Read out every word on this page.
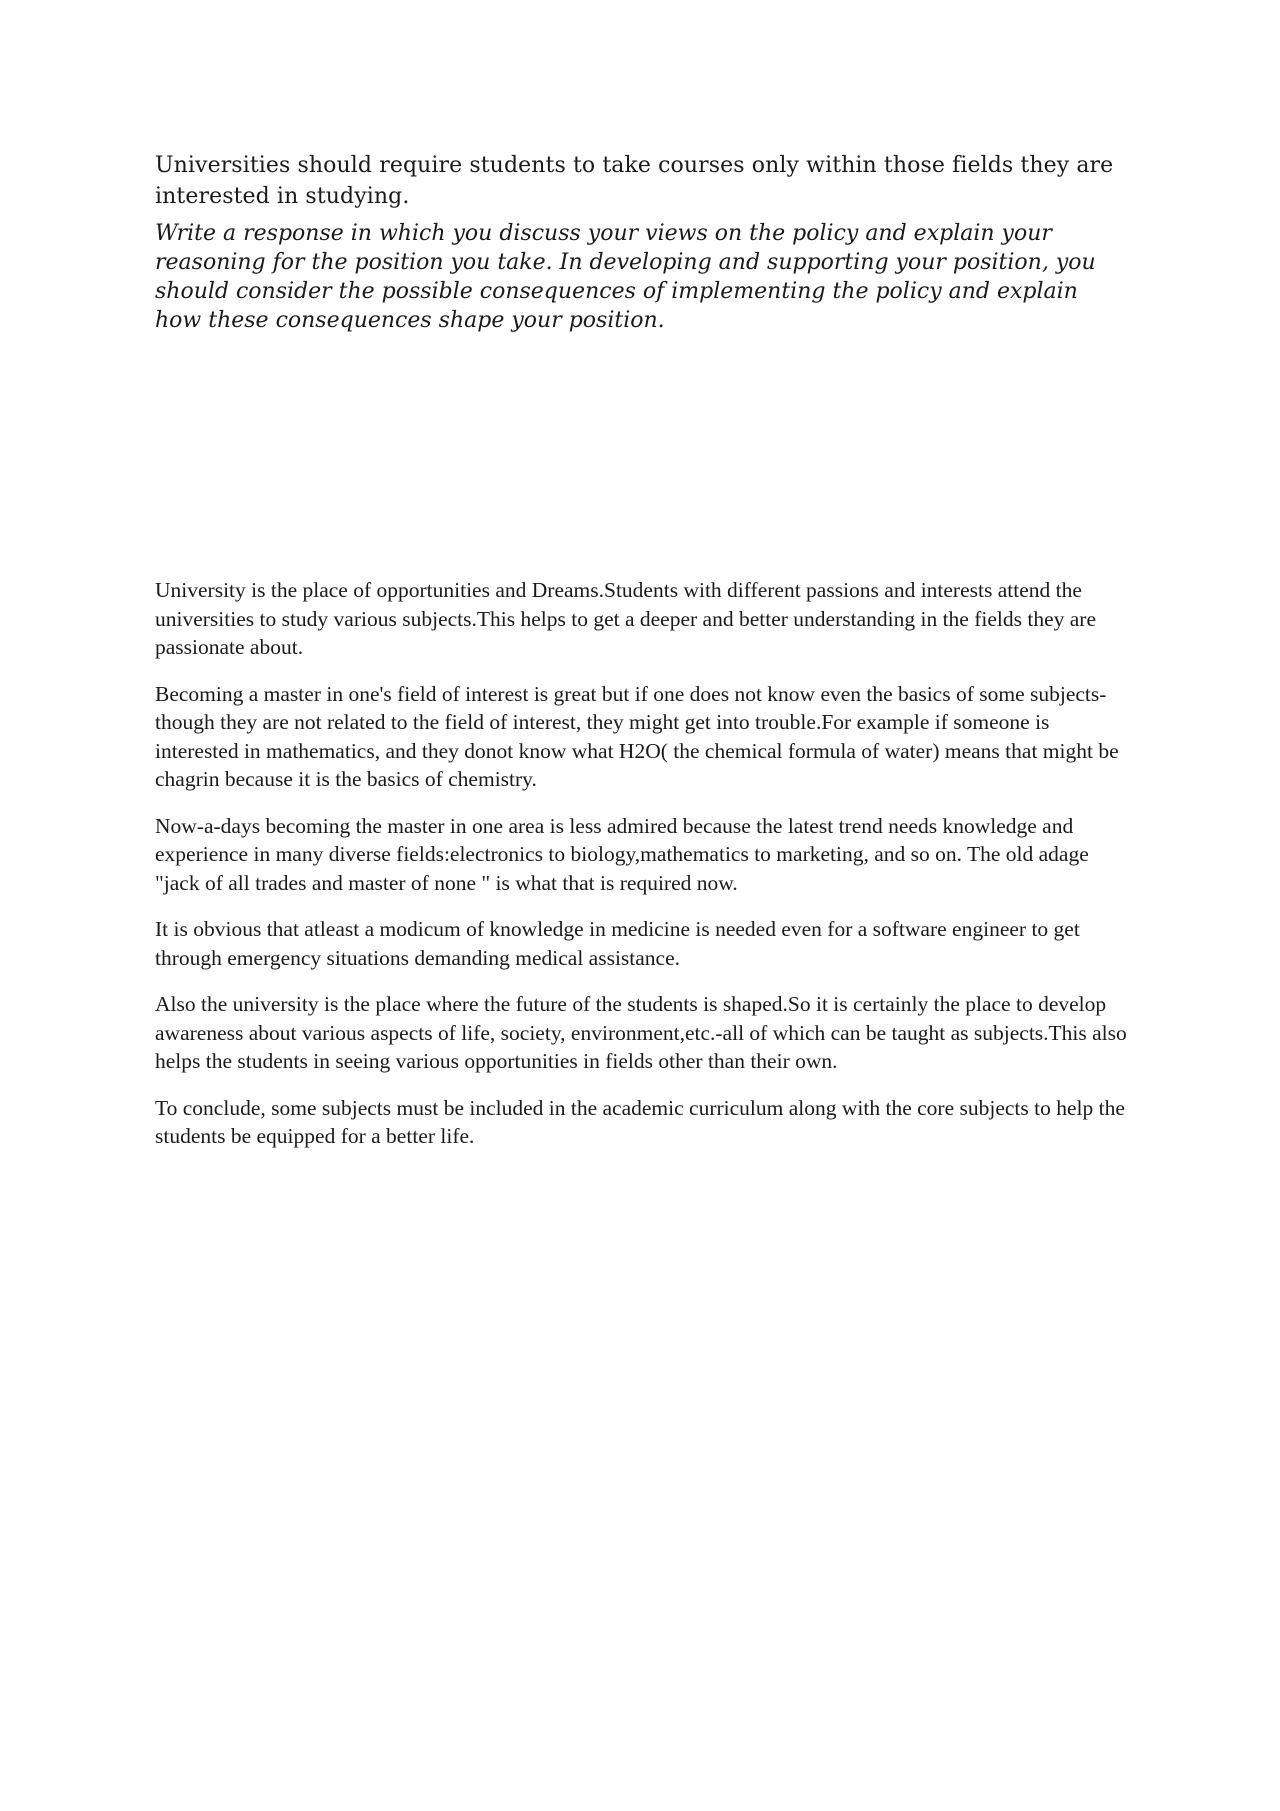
Universities should require students to take courses only within those fields they are interested in studying.

Write a response in which you discuss your views on the policy and explain your reasoning for the position you take. In developing and supporting your position, you should consider the possible consequences of implementing the policy and explain how these consequences shape your position.

University is the place of opportunities and Dreams.Students with different passions and interests attend the universities to study various subjects.This helps to get a deeper and better understanding in the fields they are passionate about.

Becoming a master in one's field of interest is great but if one does not know even the basics of some subjects-though they are not related to the field of interest, they might get into trouble.For example if someone is interested in mathematics, and they donot know what H2O( the chemical formula of water) means that might be chagrin because it is the basics of chemistry.

Now-a-days becoming the master in one area is less admired because the latest trend needs knowledge and experience in many diverse fields:electronics to biology,mathematics to marketing, and so on. The old adage "jack of all trades and master of none " is what that is required now.

It is obvious that atleast a modicum of knowledge in medicine is needed even for a software engineer to get through emergency situations demanding medical assistance.

Also the university is the place where the future of the students is shaped.So it is certainly the place to develop awareness about various aspects of life, society, environment,etc.-all of which can be taught as subjects.This also helps the students in seeing various opportunities in fields other than their own.

To conclude, some subjects must be included in the academic curriculum along with the core subjects to help the students be equipped for a better life.
